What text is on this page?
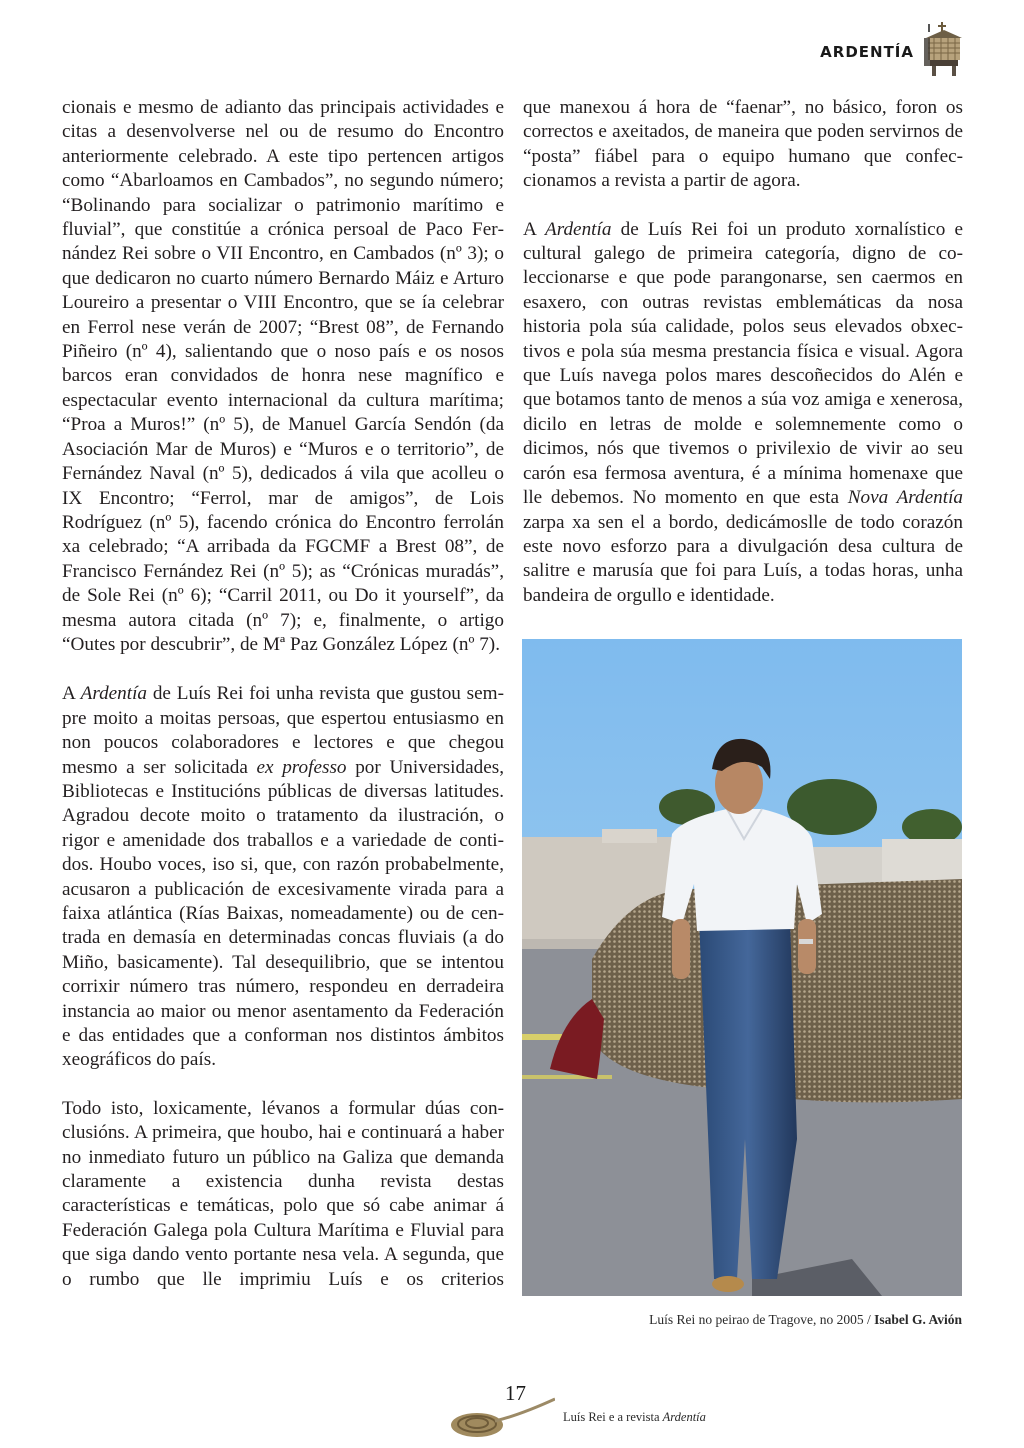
ARDENTÍA

cionais e mesmo de adianto das principais actividades e citas a desenvolverse nel ou de resumo do Encontro anteriormente celebrado. A este tipo pertencen artigos como “Abarloamos en Cambados”, no segundo número; “Bolinando para socializar o patrimonio marítimo e fluvial”, que constitúe a crónica persoal de Paco Fernández Rei sobre o VII Encontro, en Cambados (nº 3); o que dedicaron no cuarto número Bernardo Máiz e Arturo Loureiro a presentar o VIII Encontro, que se ía celebrar en Ferrol nese verán de 2007; “Brest 08”, de Fernando Piñeiro (nº 4), salientando que o noso país e os nosos barcos eran convidados de honra nese magnífico e espectacular evento internacional da cultura marítima; “Proa a Muros!” (nº 5), de Manuel García Sendón (da Asociación Mar de Muros) e “Muros e o territorio”, de Fernández Naval (nº 5), dedicados á vila que acolleu o IX Encontro; “Ferrol, mar de amigos”, de Lois Rodríguez (nº 5), facendo crónica do Encontro ferrolán xa celebrado; “A arribada da FGCMF a Brest 08”, de Francisco Fernández Rei (nº 5); as “Crónicas muradás”, de Sole Rei (nº 6); “Carril 2011, ou Do it yourself”, da mesma autora citada (nº 7); e, finalmente, o artigo “Outes por descubrir”, de Mª Paz González López (nº 7).

A Ardentía de Luís Rei foi unha revista que gustou sempre moito a moitas persoas, que espertou entusiasmo en non poucos colaboradores e lectores e que chegou mesmo a ser solicitada ex professo por Universidades, Bibliotecas e Institucións públicas de diversas latitudes. Agradou decote moito o tratamento da ilustración, o rigor e amenidade dos traballos e a variedade de contidos. Houbo voces, iso si, que, con razón probabelmente, acusaron a publicación de excesivamente virada para a faixa atlántica (Rías Baixas, nomeadamente) ou de centrada en demasía en determinadas concas fluviais (a do Miño, basicamente). Tal desequilibrio, que se intentou corrixir número tras número, respondeu en derradeira instancia ao maior ou menor asentamento da Federación e das entidades que a conforman nos distintos ámbitos xeográficos do país.

Todo isto, loxicamente, lévanos a formular dúas conclusións. A primeira, que houbo, hai e continuará a haber no inmediato futuro un público na Galiza que demanda claramente a existencia dunha revista destas características e temáticas, polo que só cabe animar á Federación Galega pola Cultura Marítima e Fluvial para que siga dando vento portante nesa vela. A segunda, que o rumbo que lle imprimiu Luís e os criterios

que manexou á hora de “faenar”, no básico, foron os correctos e axeitados, de maneira que poden servirnos de “posta” fiábel para o equipo humano que confeccionamos a revista a partir de agora.

A Ardentía de Luís Rei foi un produto xornalístico e cultural galego de primeira categoría, digno de coleccionarse e que pode parangonarse, sen caermos en esaxero, con outras revistas emblemáticas da nosa historia pola súa calidade, polos seus elevados obxectivos e pola súa mesma prestancia física e visual. Agora que Luís navega polos mares descoñecidos do Alén e que botamos tanto de menos a súa voz amiga e xenerosa, dicilo en letras de molde e solemnemente como o dicimos, nós que tivemos o privilexio de vivir ao seu carón esa fermosa aventura, é a mínima homenaxe que lle debemos. No momento en que esta Nova Ardentía zarpa xa sen el a bordo, dedicámoslle de todo corazón este novo esforzo para a divulgación desa cultura de salitre e marusía que foi para Luís, a todas horas, unha bandeira de orgullo e identidade.

Luís Rei no peirao de Tragove, no 2005 / Isabel G. Avión
17
Luís Rei e a revista Ardentía
